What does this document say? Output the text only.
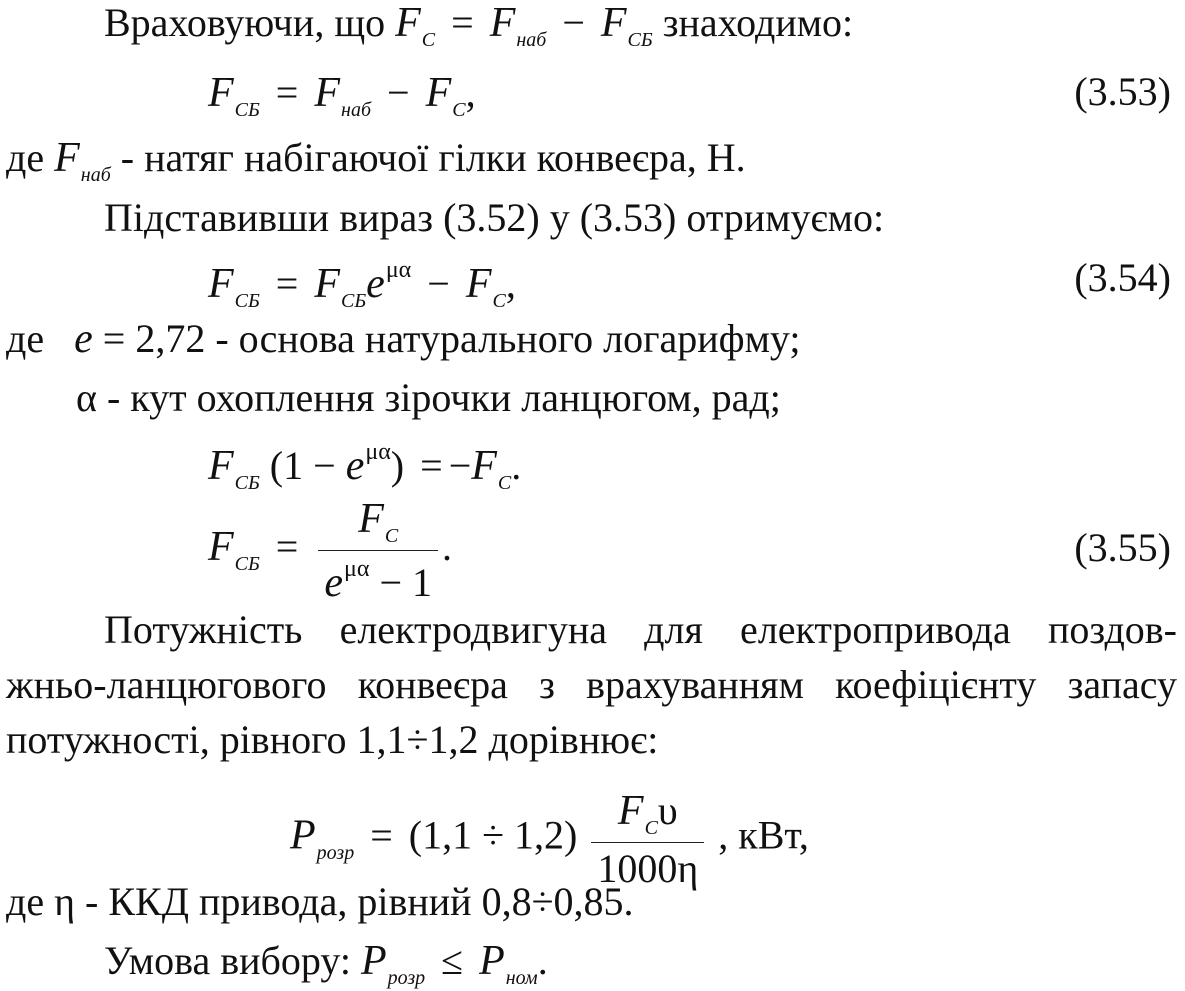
Враховуючи, що $F_C = F_{наб} - F_{СБ}$ знаходимо:
$F_{СБ} = F_{наб} - F_C$,	(3.53)
де $F_{наб}$ - натяг набігаючої гілки конвеєра, Н.
Підставивши вираз (3.52) у (3.53) отримуємо:
$F_{СБ} = F_{СБ}e^{\mu\alpha} - F_C$,	(3.54)
де e = 2,72 - основа натурального логарифму;
α - кут охоплення зірочки ланцюгом, рад;
$F_{СБ}$ $(1 - e^{\mu\alpha}) = -F_C$.
$F_{СБ} = \frac{F_C}{e^{\mu\alpha} - 1}$ .	(3.55)
Потужність електродвигуна для електропривода поздов-
жньо-ланцюгового конвеєра з врахуванням коефіцієнту запасу
потужності, рівного 1,1÷1,2 дорівнює:
$P_{розр} = (1,1 \div 1,2) \frac{F_C\upsilon}{1000\eta}$ , кВт,
де η - ККД привода, рівний 0,8÷0,85.
Умова вибору: $P_{розр} \le P_{ном}$.
